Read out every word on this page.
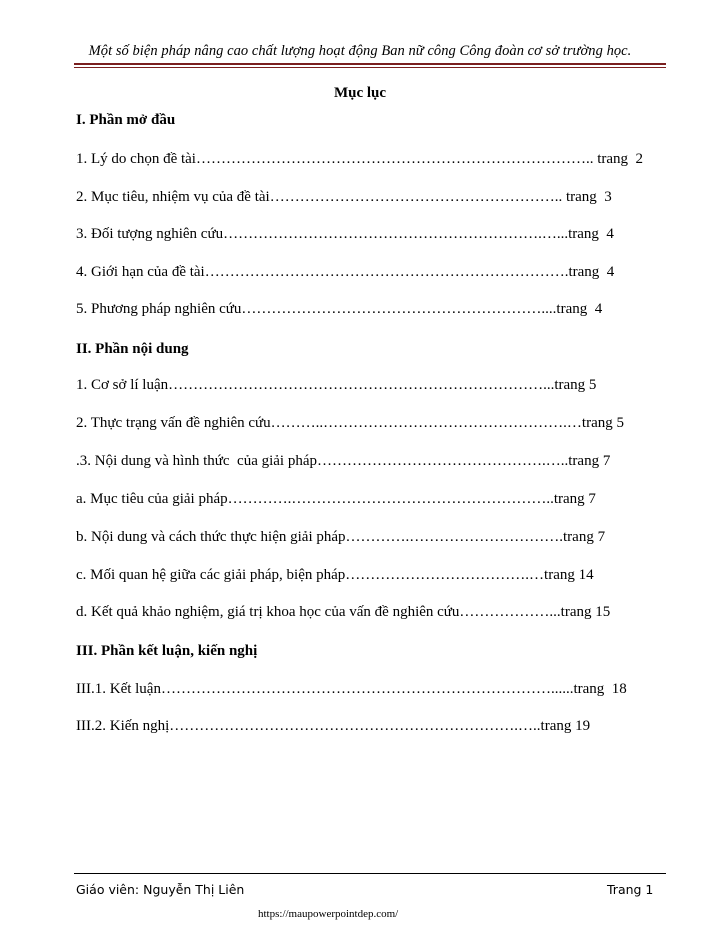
Một số biện pháp nâng cao chất lượng hoạt động Ban nữ công Công đoàn cơ sở trường học.
Mục lục
I. Phần mở đầu
1. Lý do chọn đề tài…………………………………………………………………….. trang  2
2. Mục tiêu, nhiệm vụ của đề tài………………………………………………….. trang  3
3. Đối tượng nghiên cứu……………………………………………………….…...trang  4
4. Giới hạn của đề tài……………………………………………………………….trang  4
5. Phương pháp nghiên cứu……………………………………………………....trang  4
II. Phần nội dung
1. Cơ sở lí luận…………………………………………………………………...trang 5
2. Thực trạng vấn đề nghiên cứu………..………………………………………….…trang 5
.3. Nội dung và hình thức  của giải pháp……………………………………….…..trang 7
a. Mục tiêu của giải pháp………….……………………………………………..trang 7
b. Nội dung và cách thức thực hiện giải pháp………….………………………….trang 7
c. Mối quan hệ giữa các giải pháp, biện pháp……………………………….…trang 14
d. Kết quả khảo nghiệm, giá trị khoa học của vấn đề nghiên cứu………………...trang 15
III. Phần kết luận, kiến nghị
III.1. Kết luận……………………………………………………………………......trang  18
III.2. Kiến nghị…………………………………………………………….…..trang 19
Giáo viên: Nguyễn Thị Liên	Trang 1
https://maupowerpointdep.com/
